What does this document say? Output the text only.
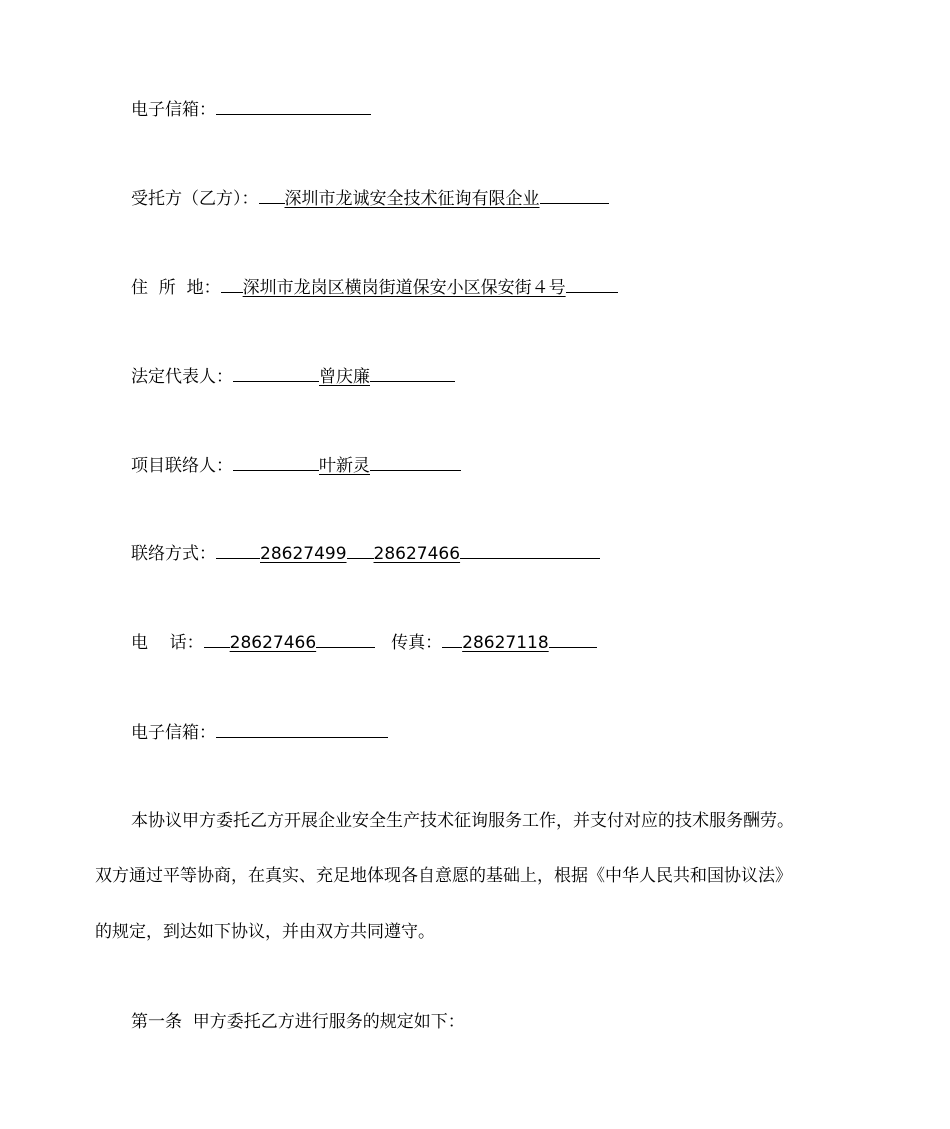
电子信箱：
受托方（乙方）： 深圳市龙诚安全技术征询有限企业
住  所  地： 深圳市龙岗区横岗街道保安小区保安街４号
法定代表人：	曾庆廉
项目联络人：	叶新灵
联络方式：	28627499 28627466
电    话： 28627466	传真： 28627118
电子信箱：
本协议甲方委托乙方开展企业安全生产技术征询服务工作，并支付对应的技术服务酬劳。
双方通过平等协商，在真实、充足地体现各自意愿的基础上，根据《中华人民共和国协议法》
的规定，到达如下协议，并由双方共同遵守。
第一条  甲方委托乙方进行服务的规定如下：
